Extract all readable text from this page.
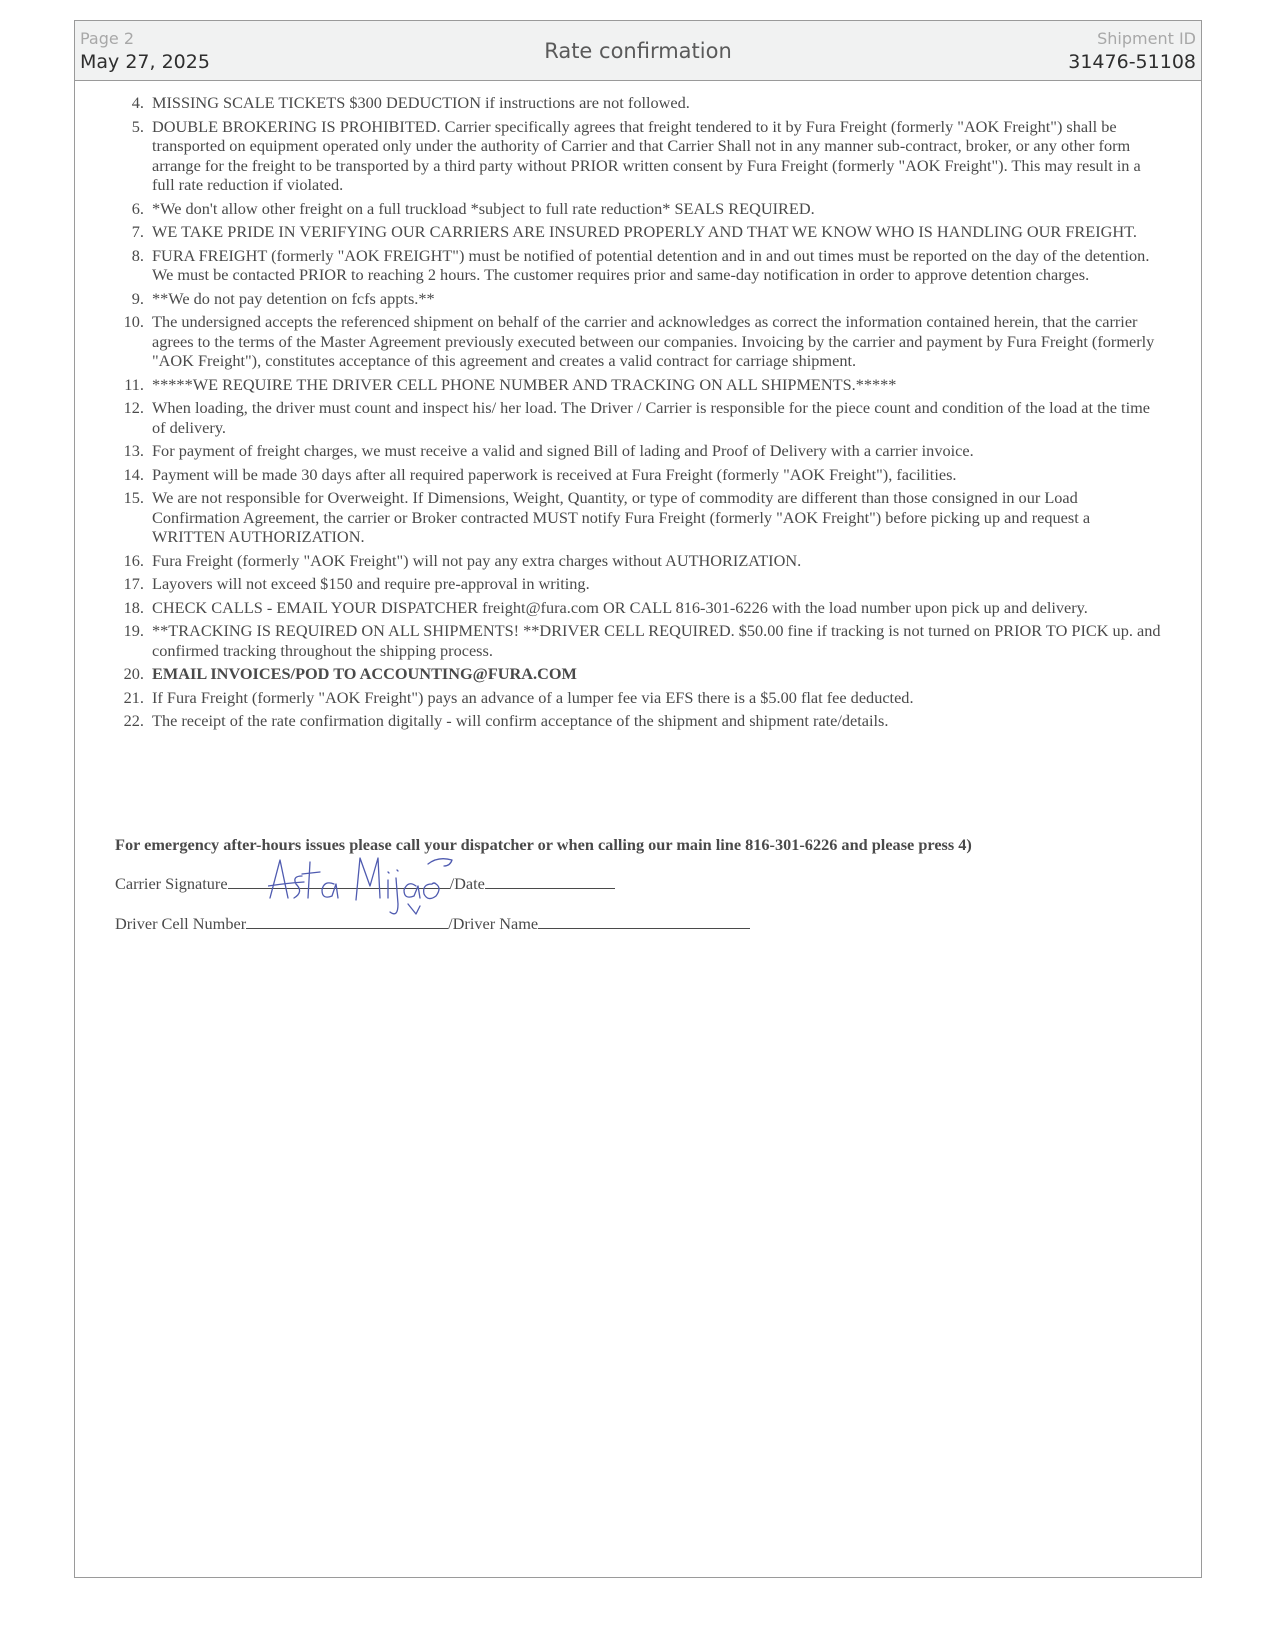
Page 2
May 27, 2025	Rate confirmation
Shipment ID
31476-51108
4. MISSING SCALE TICKETS $300 DEDUCTION if instructions are not followed.
5. DOUBLE BROKERING IS PROHIBITED. Carrier specifically agrees that freight tendered to it by Fura Freight (formerly "AOK Freight") shall be transported on equipment operated only under the authority of Carrier and that Carrier Shall not in any manner sub-contract, broker, or any other form arrange for the freight to be transported by a third party without PRIOR written consent by Fura Freight (formerly "AOK Freight"). This may result in a full rate reduction if violated.
6. *We don't allow other freight on a full truckload *subject to full rate reduction* SEALS REQUIRED.
7. WE TAKE PRIDE IN VERIFYING OUR CARRIERS ARE INSURED PROPERLY AND THAT WE KNOW WHO IS HANDLING OUR FREIGHT.
8. FURA FREIGHT (formerly "AOK FREIGHT") must be notified of potential detention and in and out times must be reported on the day of the detention. We must be contacted PRIOR to reaching 2 hours. The customer requires prior and same-day notification in order to approve detention charges.
9. **We do not pay detention on fcfs appts.**
10. The undersigned accepts the referenced shipment on behalf of the carrier and acknowledges as correct the information contained herein, that the carrier agrees to the terms of the Master Agreement previously executed between our companies. Invoicing by the carrier and payment by Fura Freight (formerly "AOK Freight"), constitutes acceptance of this agreement and creates a valid contract for carriage shipment.
11. *****WE REQUIRE THE DRIVER CELL PHONE NUMBER AND TRACKING ON ALL SHIPMENTS.*****
12. When loading, the driver must count and inspect his/ her load. The Driver / Carrier is responsible for the piece count and condition of the load at the time of delivery.
13. For payment of freight charges, we must receive a valid and signed Bill of lading and Proof of Delivery with a carrier invoice.
14. Payment will be made 30 days after all required paperwork is received at Fura Freight (formerly "AOK Freight"), facilities.
15. We are not responsible for Overweight. If Dimensions, Weight, Quantity, or type of commodity are different than those consigned in our Load Confirmation Agreement, the carrier or Broker contracted MUST notify Fura Freight (formerly "AOK Freight") before picking up and request a WRITTEN AUTHORIZATION.
16. Fura Freight (formerly "AOK Freight") will not pay any extra charges without AUTHORIZATION.
17. Layovers will not exceed $150 and require pre-approval in writing.
18. CHECK CALLS - EMAIL YOUR DISPATCHER freight@fura.com OR CALL 816-301-6226 with the load number upon pick up and delivery.
19. **TRACKING IS REQUIRED ON ALL SHIPMENTS! **DRIVER CELL REQUIRED. $50.00 fine if tracking is not turned on PRIOR TO PICK up. and confirmed tracking throughout the shipping process.
20. EMAIL INVOICES/POD TO ACCOUNTING@FURA.COM
21. If Fura Freight (formerly "AOK Freight") pays an advance of a lumper fee via EFS there is a $5.00 flat fee deducted.
22. The receipt of the rate confirmation digitally - will confirm acceptance of the shipment and shipment rate/details.
For emergency after-hours issues please call your dispatcher or when calling our main line 816-301-6226 and please press 4)
Carrier Signature	/Date
Driver Cell Number	/Driver Name
